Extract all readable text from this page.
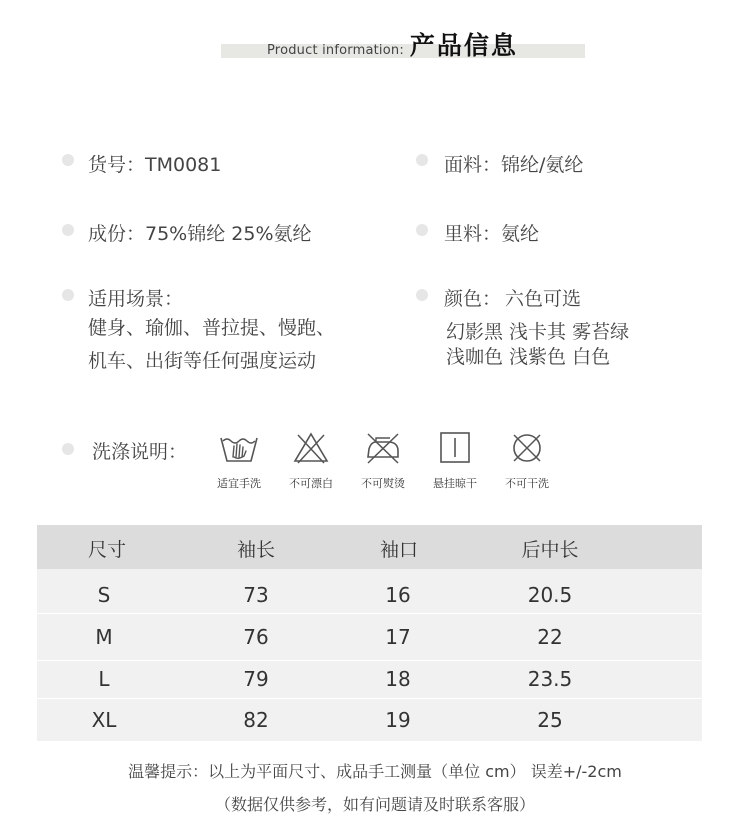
Product information: 产品信息
货号：TM0081	面料：锦纶/氨纶
成份：75%锦纶 25%氨纶	里料：氨纶
适用场景：
健身、瑜伽、普拉提、慢跑、
机车、出街等任何强度运动
颜色： 六色可选
幻影黑 浅卡其 雾苔绿
浅咖色 浅紫色 白色
洗涤说明：
适宜手洗	不可漂白	不可熨烫	悬挂晾干	不可干洗
尺寸	袖长	袖口	后中长
S	73	16	20.5
M	76	17	22
L	79	18	23.5
XL	82	19	25
温馨提示：以上为平面尺寸、成品手工测量（单位 cm） 误差+/-2cm
（数据仅供参考，如有问题请及时联系客服）
